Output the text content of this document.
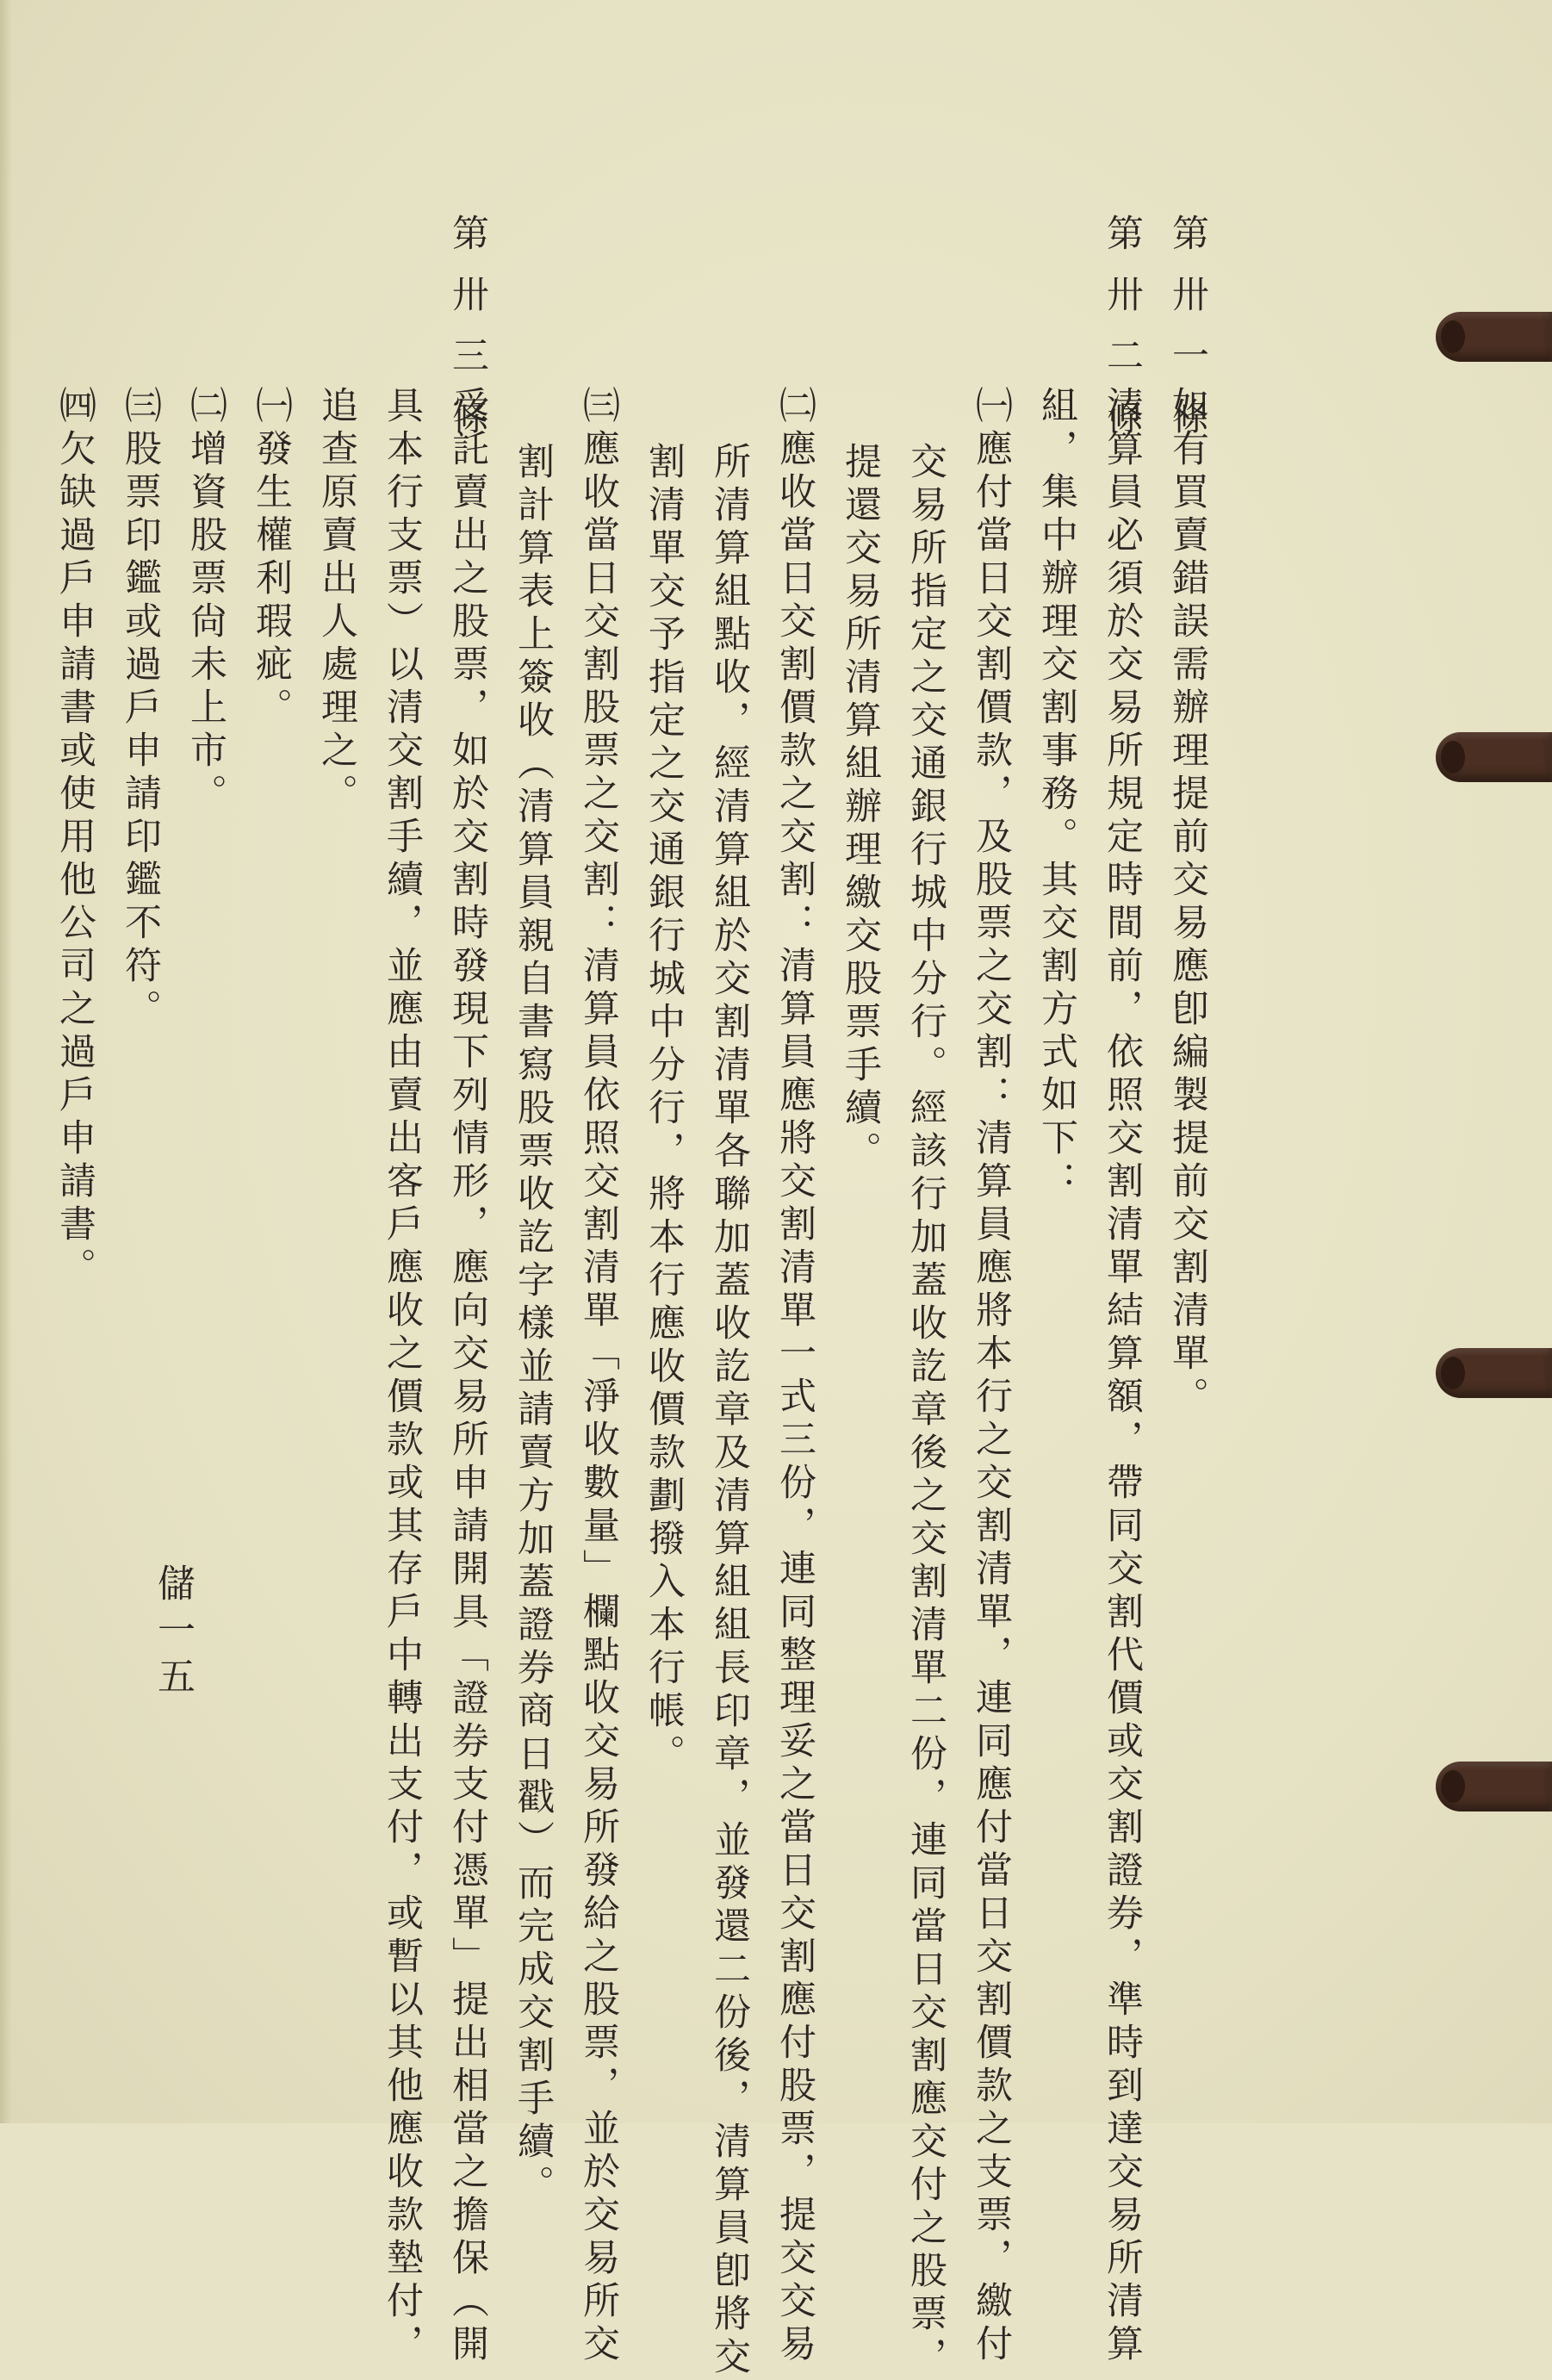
第卅一條如有買賣錯誤需辦理提前交易應卽編製提前交割清單。
第卅二條清算員必須於交易所規定時間前，依照交割清單結算額，帶同交割代價或交割證券，準時到達交易所清算
組，集中辦理交割事務。其交割方式如下：
㈠應付當日交割價款，及股票之交割：清算員應將本行之交割清單，連同應付當日交割價款之支票，繳付
交易所指定之交通銀行城中分行。經該行加蓋收訖章後之交割清單二份，連同當日交割應交付之股票，
提還交易所清算組辦理繳交股票手續。
㈡應收當日交割價款之交割：清算員應將交割清單一式三份，連同整理妥之當日交割應付股票，提交交易
所清算組點收，經清算組於交割清單各聯加蓋收訖章及清算組組長印章，並發還二份後，清算員卽將交
割清單交予指定之交通銀行城中分行，將本行應收價款劃撥入本行帳。
㈢應收當日交割股票之交割：清算員依照交割清單「淨收數量」欄點收交易所發給之股票，並於交易所交
割計算表上簽收（清算員親自書寫股票收訖字樣並請賣方加蓋證券商日戳）而完成交割手續。
第卅三條受託賣出之股票，如於交割時發現下列情形，應向交易所申請開具「證券支付憑單」提出相當之擔保（開
具本行支票）以清交割手續，並應由賣出客戶應收之價款或其存戶中轉出支付，或暫以其他應收款墊付，
追查原賣出人處理之。
㈠發生權利瑕疵。
㈡增資股票尙未上市。
㈢股票印鑑或過戶申請印鑑不符。
㈣欠缺過戶申請書或使用他公司之過戶申請書。
儲一五
